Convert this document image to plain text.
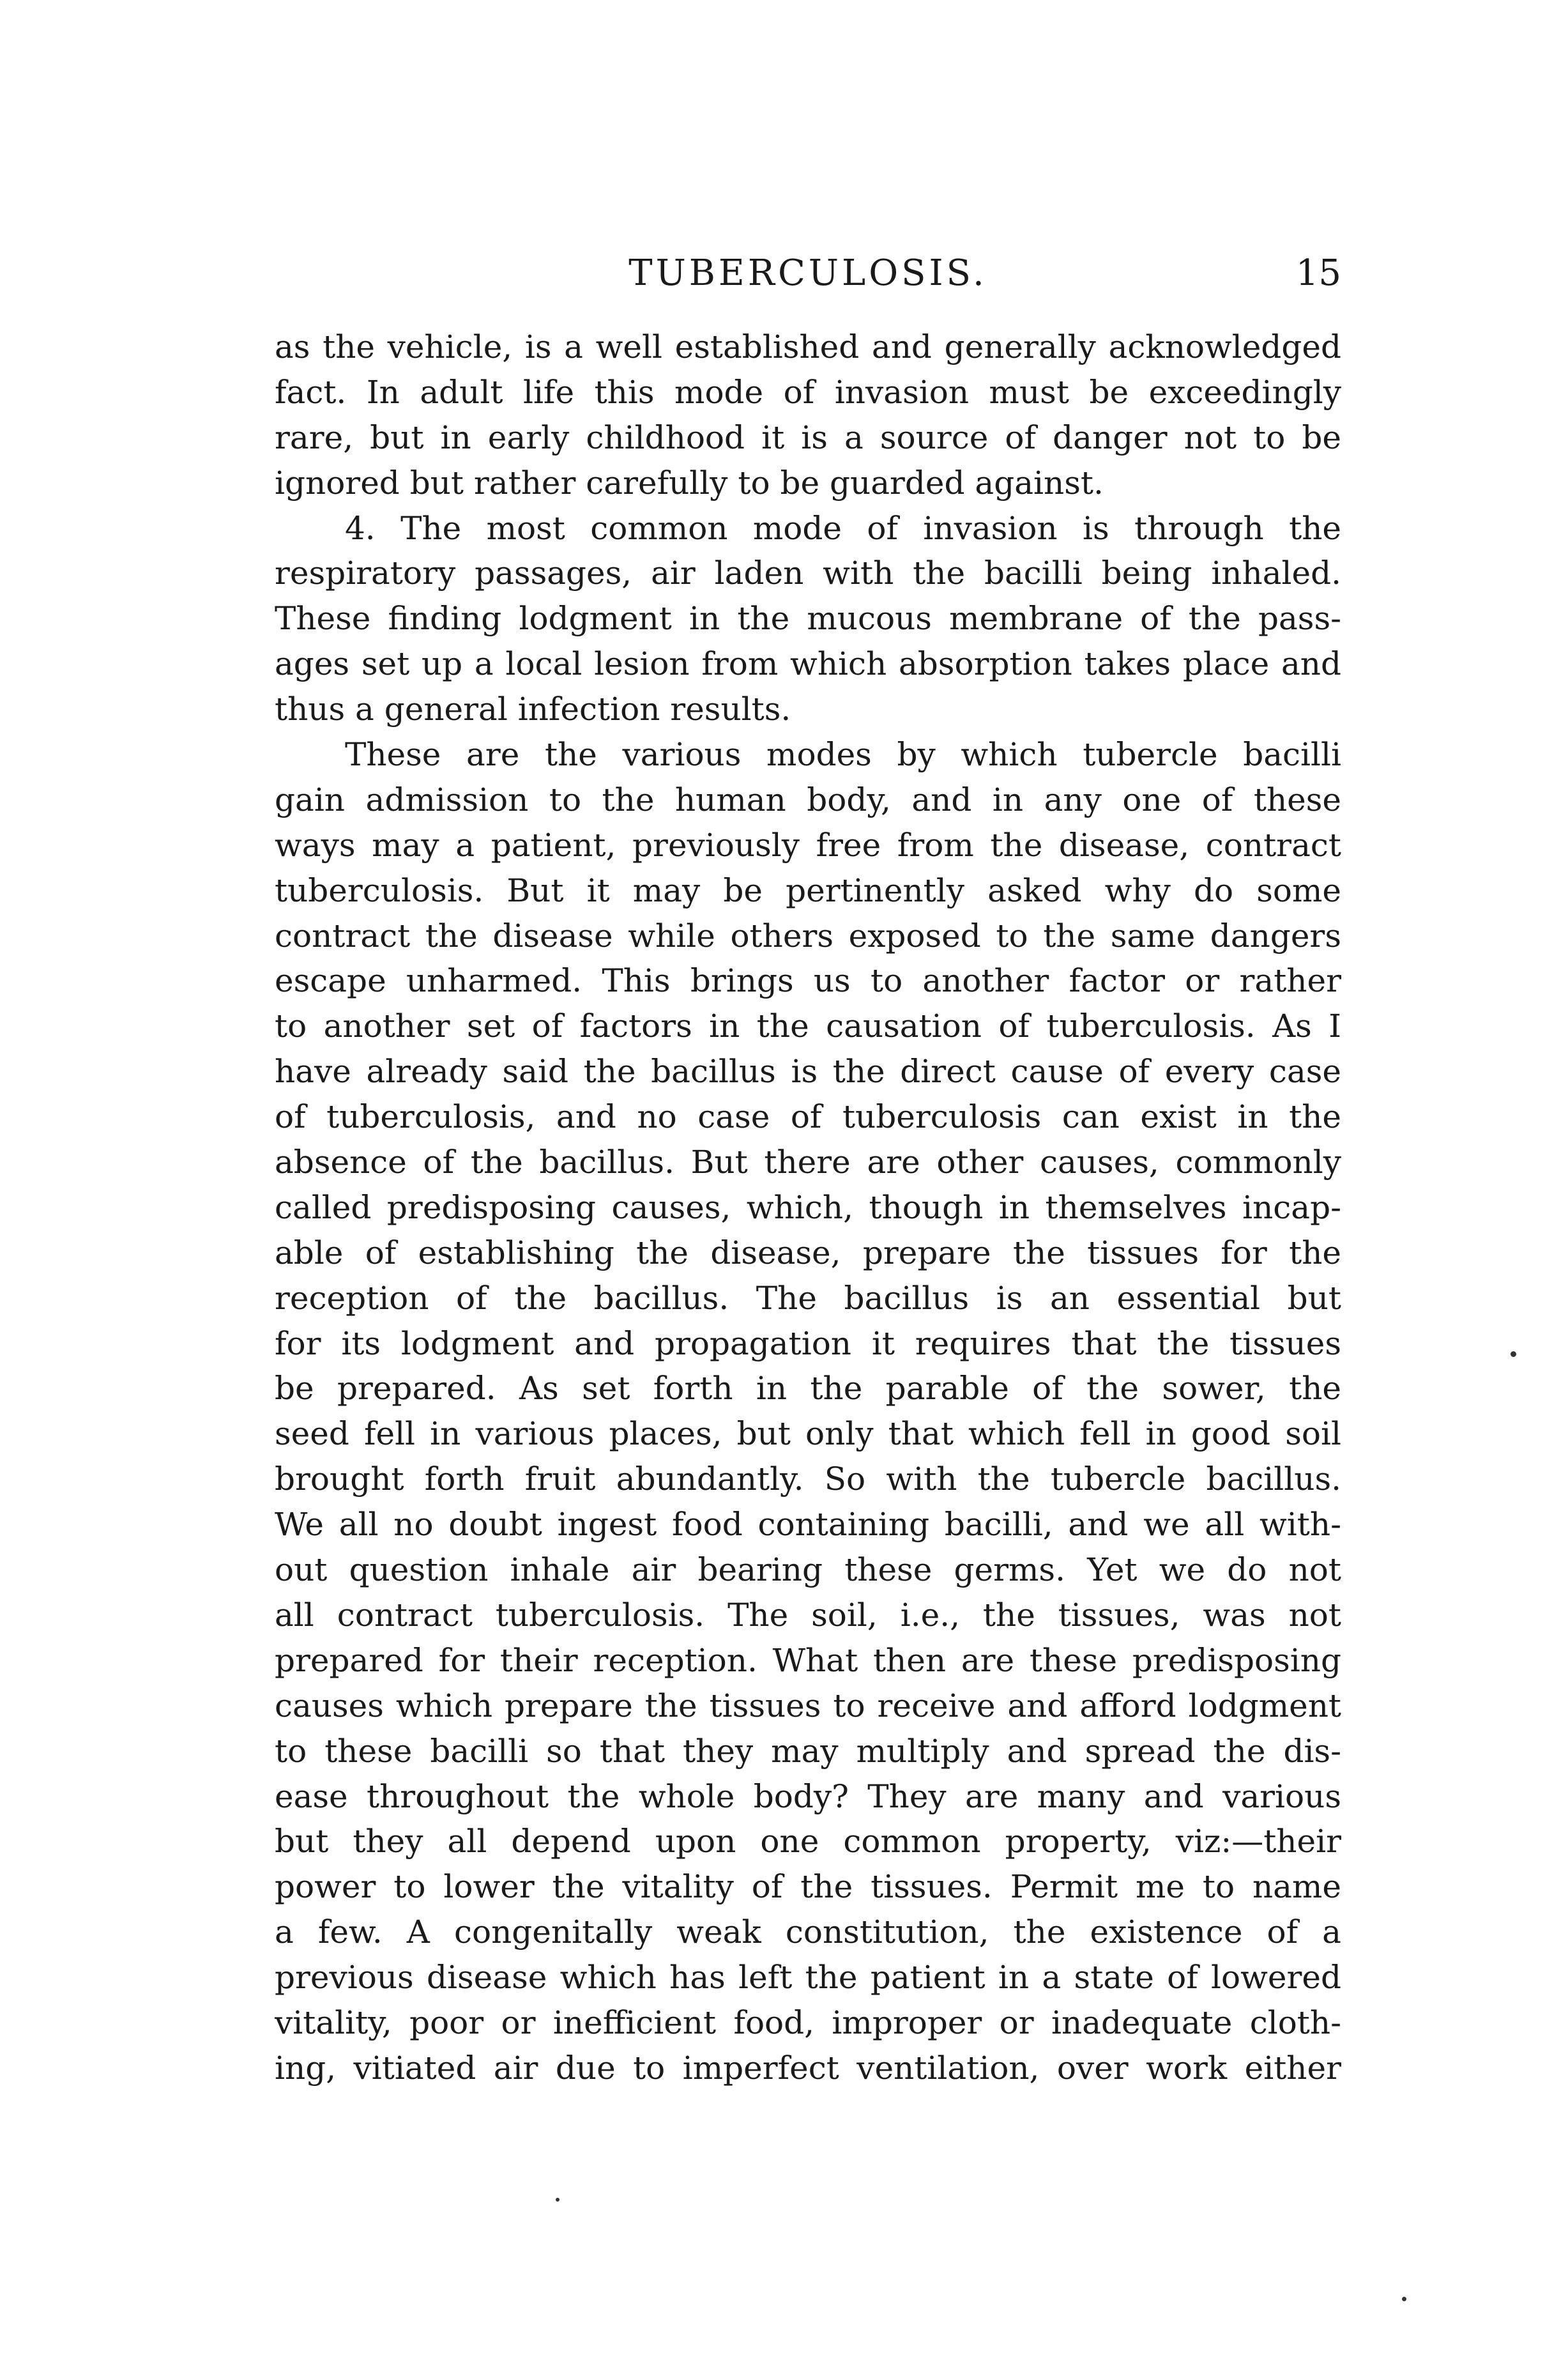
TUBERCULOSIS.	15
as the vehicle, is a well established and generally acknowledged
fact. In adult life this mode of invasion must be exceedingly
rare, but in early childhood it is a source of danger not to be
ignored but rather carefully to be guarded against.
4. The most common mode of invasion is through the
respiratory passages, air laden with the bacilli being inhaled.
These finding lodgment in the mucous membrane of the pass-
ages set up a local lesion from which absorption takes place and
thus a general infection results.
These are the various modes by which tubercle bacilli
gain admission to the human body, and in any one of these
ways may a patient, previously free from the disease, contract
tuberculosis. But it may be pertinently asked why do some
contract the disease while others exposed to the same dangers
escape unharmed. This brings us to another factor or rather
to another set of factors in the causation of tuberculosis. As I
have already said the bacillus is the direct cause of every case
of tuberculosis, and no case of tuberculosis can exist in the
absence of the bacillus. But there are other causes, commonly
called predisposing causes, which, though in themselves incap-
able of establishing the disease, prepare the tissues for the
reception of the bacillus. The bacillus is an essential but
for its lodgment and propagation it requires that the tissues
be prepared. As set forth in the parable of the sower, the
seed fell in various places, but only that which fell in good soil
brought forth fruit abundantly. So with the tubercle bacillus.
We all no doubt ingest food containing bacilli, and we all with-
out question inhale air bearing these germs. Yet we do not
all contract tuberculosis. The soil, i.e., the tissues, was not
prepared for their reception. What then are these predisposing
causes which prepare the tissues to receive and afford lodgment
to these bacilli so that they may multiply and spread the dis-
ease throughout the whole body? They are many and various
but they all depend upon one common property, viz:—their
power to lower the vitality of the tissues. Permit me to name
a few. A congenitally weak constitution, the existence of a
previous disease which has left the patient in a state of lowered
vitality, poor or inefficient food, improper or inadequate cloth-
ing, vitiated air due to imperfect ventilation, over work either
